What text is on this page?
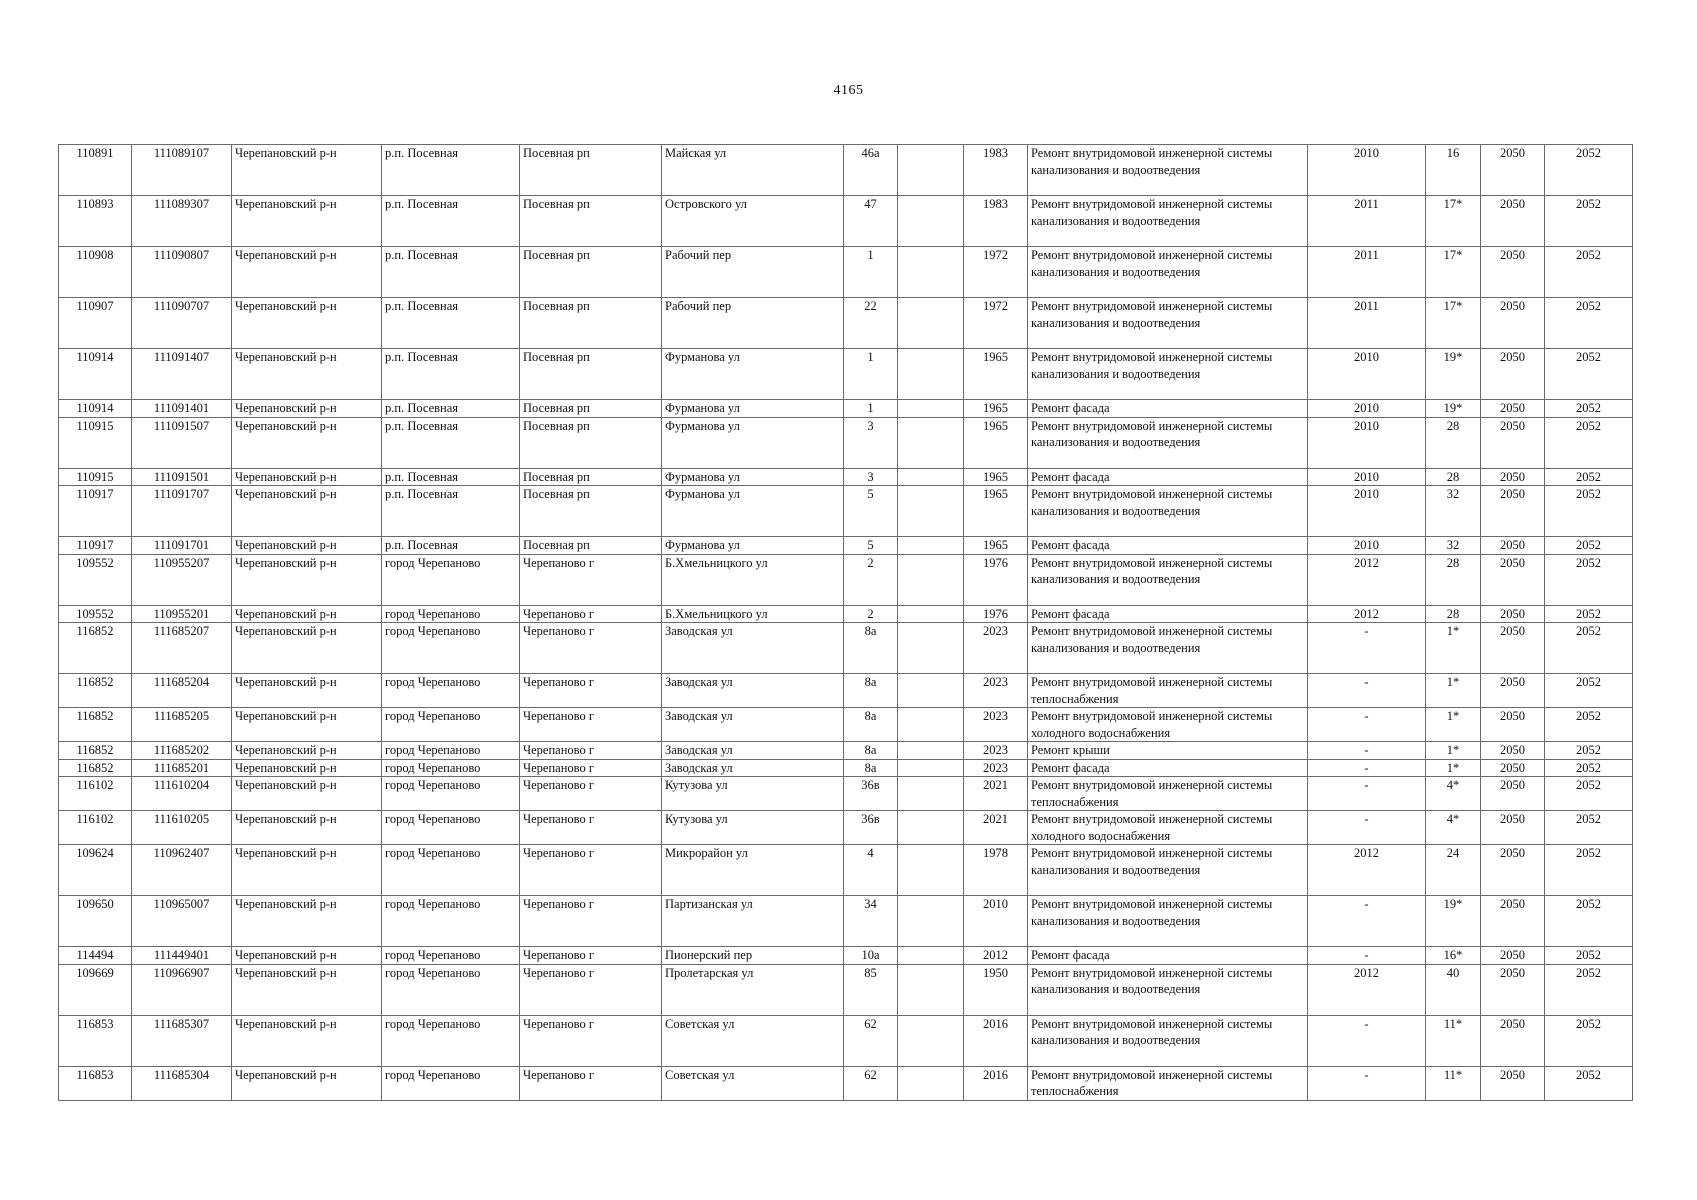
4165
110891	111089107	Черепановский р-н	р.п. Посевная	Посевная рп	Майская ул	46а		1983	Ремонт внутридомовой инженерной системы канализования и водоотведения	2010	16	2050	2052
110893	111089307	Черепановский р-н	р.п. Посевная	Посевная рп	Островского ул	47		1983	Ремонт внутридомовой инженерной системы канализования и водоотведения	2011	17*	2050	2052
110908	111090807	Черепановский р-н	р.п. Посевная	Посевная рп	Рабочий пер	1		1972	Ремонт внутридомовой инженерной системы канализования и водоотведения	2011	17*	2050	2052
110907	111090707	Черепановский р-н	р.п. Посевная	Посевная рп	Рабочий пер	22		1972	Ремонт внутридомовой инженерной системы канализования и водоотведения	2011	17*	2050	2052
110914	111091407	Черепановский р-н	р.п. Посевная	Посевная рп	Фурманова ул	1		1965	Ремонт внутридомовой инженерной системы канализования и водоотведения	2010	19*	2050	2052
110914	111091401	Черепановский р-н	р.п. Посевная	Посевная рп	Фурманова ул	1		1965	Ремонт фасада	2010	19*	2050	2052
110915	111091507	Черепановский р-н	р.п. Посевная	Посевная рп	Фурманова ул	3		1965	Ремонт внутридомовой инженерной системы канализования и водоотведения	2010	28	2050	2052
110915	111091501	Черепановский р-н	р.п. Посевная	Посевная рп	Фурманова ул	3		1965	Ремонт фасада	2010	28	2050	2052
110917	111091707	Черепановский р-н	р.п. Посевная	Посевная рп	Фурманова ул	5		1965	Ремонт внутридомовой инженерной системы канализования и водоотведения	2010	32	2050	2052
110917	111091701	Черепановский р-н	р.п. Посевная	Посевная рп	Фурманова ул	5		1965	Ремонт фасада	2010	32	2050	2052
109552	110955207	Черепановский р-н	город Черепаново	Черепаново г	Б.Хмельницкого ул	2		1976	Ремонт внутридомовой инженерной системы канализования и водоотведения	2012	28	2050	2052
109552	110955201	Черепановский р-н	город Черепаново	Черепаново г	Б.Хмельницкого ул	2		1976	Ремонт фасада	2012	28	2050	2052
116852	111685207	Черепановский р-н	город Черепаново	Черепаново г	Заводская ул	8а		2023	Ремонт внутридомовой инженерной системы канализования и водоотведения	-	1*	2050	2052
116852	111685204	Черепановский р-н	город Черепаново	Черепаново г	Заводская ул	8а		2023	Ремонт внутридомовой инженерной системы теплоснабжения	-	1*	2050	2052
116852	111685205	Черепановский р-н	город Черепаново	Черепаново г	Заводская ул	8а		2023	Ремонт внутридомовой инженерной системы холодного водоснабжения	-	1*	2050	2052
116852	111685202	Черепановский р-н	город Черепаново	Черепаново г	Заводская ул	8а		2023	Ремонт крыши	-	1*	2050	2052
116852	111685201	Черепановский р-н	город Черепаново	Черепаново г	Заводская ул	8а		2023	Ремонт фасада	-	1*	2050	2052
116102	111610204	Черепановский р-н	город Черепаново	Черепаново г	Кутузова ул	36в		2021	Ремонт внутридомовой инженерной системы теплоснабжения	-	4*	2050	2052
116102	111610205	Черепановский р-н	город Черепаново	Черепаново г	Кутузова ул	36в		2021	Ремонт внутридомовой инженерной системы холодного водоснабжения	-	4*	2050	2052
109624	110962407	Черепановский р-н	город Черепаново	Черепаново г	Микрорайон ул	4		1978	Ремонт внутридомовой инженерной системы канализования и водоотведения	2012	24	2050	2052
109650	110965007	Черепановский р-н	город Черепаново	Черепаново г	Партизанская ул	34		2010	Ремонт внутридомовой инженерной системы канализования и водоотведения	-	19*	2050	2052
114494	111449401	Черепановский р-н	город Черепаново	Черепаново г	Пионерский пер	10а		2012	Ремонт фасада	-	16*	2050	2052
109669	110966907	Черепановский р-н	город Черепаново	Черепаново г	Пролетарская ул	85		1950	Ремонт внутридомовой инженерной системы канализования и водоотведения	2012	40	2050	2052
116853	111685307	Черепановский р-н	город Черепаново	Черепаново г	Советская ул	62		2016	Ремонт внутридомовой инженерной системы канализования и водоотведения	-	11*	2050	2052
116853	111685304	Черепановский р-н	город Черепаново	Черепаново г	Советская ул	62		2016	Ремонт внутридомовой инженерной системы теплоснабжения	-	11*	2050	2052
